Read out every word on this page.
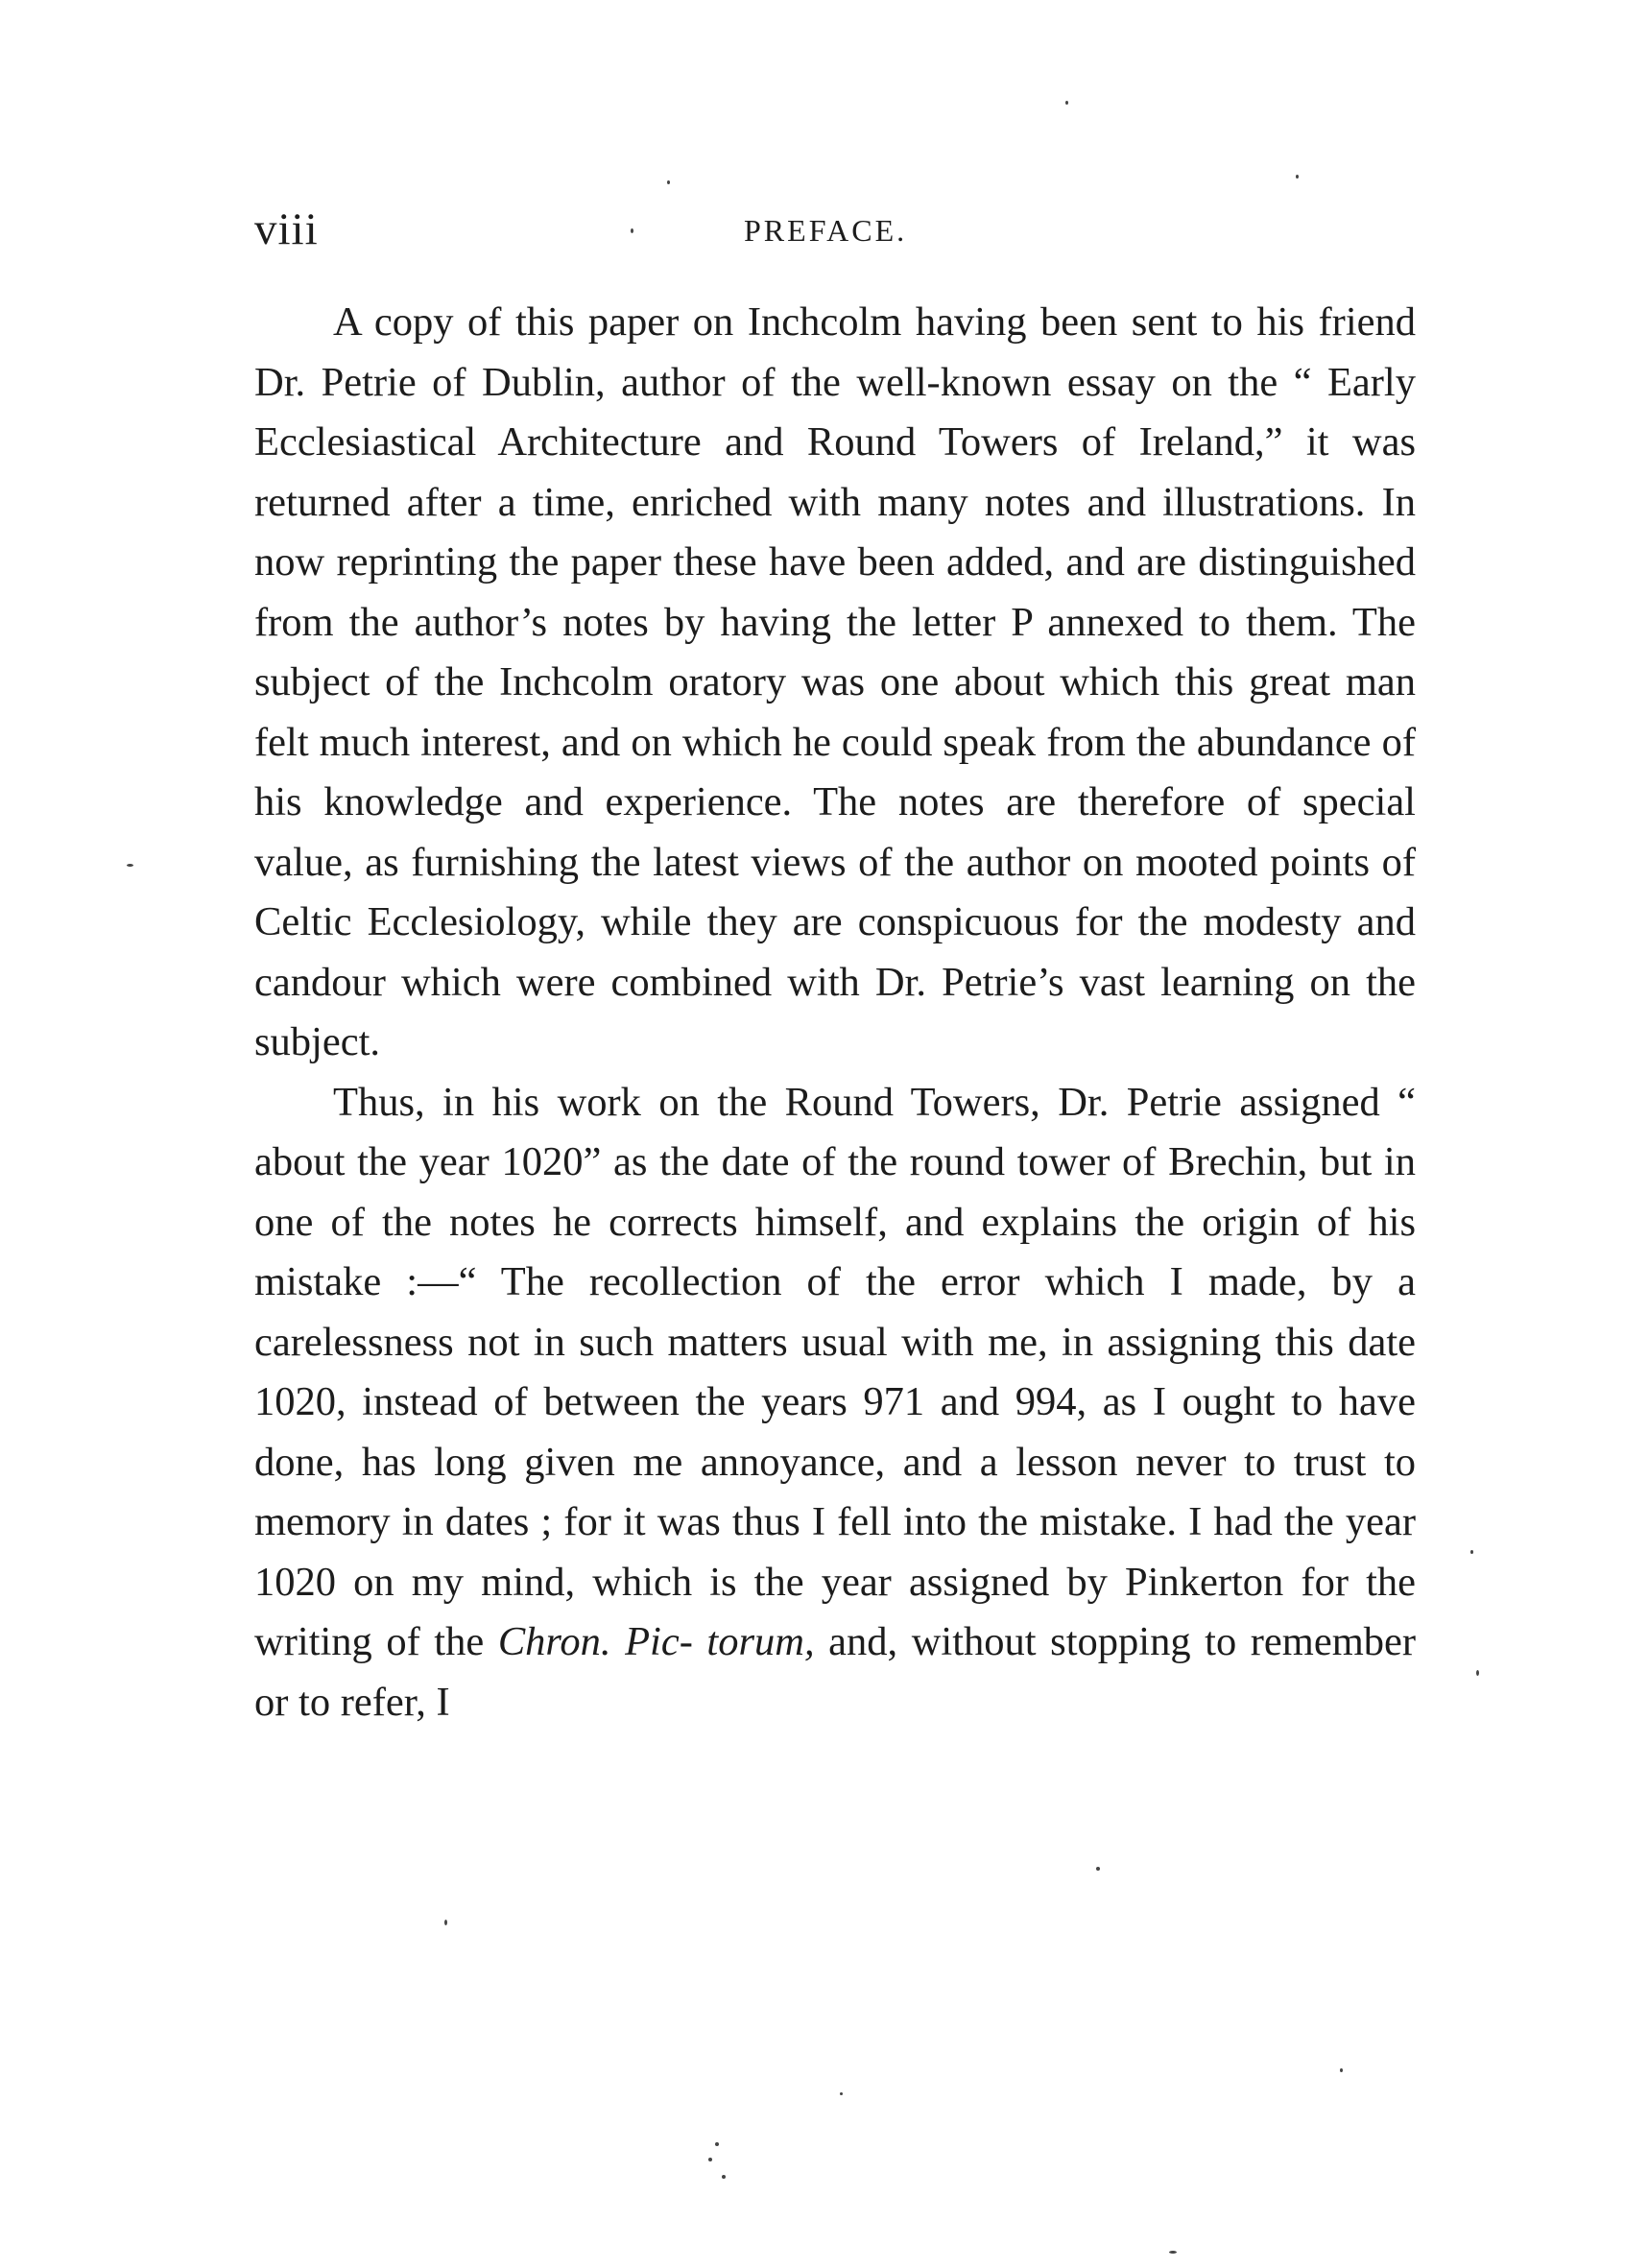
viii	PREFACE.

A copy of this paper on Inchcolm having been sent to his friend Dr. Petrie of Dublin, author of the well-known essay on the “ Early Ecclesiastical Architecture and Round Towers of Ireland,” it was returned after a time, enriched with many notes and illustrations. In now reprinting the paper these have been added, and are distinguished from the author’s notes by having the letter P annexed to them. The subject of the Inchcolm oratory was one about which this great man felt much interest, and on which he could speak from the abundance of his knowledge and experience. The notes are therefore of special value, as furnishing the latest views of the author on mooted points of Celtic Ecclesiology, while they are conspicuous for the modesty and candour which were combined with Dr. Petrie’s vast learning on the subject.

Thus, in his work on the Round Towers, Dr. Petrie assigned “ about the year 1020” as the date of the round tower of Brechin, but in one of the notes he corrects himself, and explains the origin of his mistake :—“ The recollection of the error which I made, by a carelessness not in such matters usual with me, in assigning this date 1020, instead of between the years 971 and 994, as I ought to have done, has long given me annoyance, and a lesson never to trust to memory in dates ; for it was thus I fell into the mistake. I had the year 1020 on my mind, which is the year assigned by Pinkerton for the writing of the Chron. Pic- torum, and, without stopping to remember or to refer, I
